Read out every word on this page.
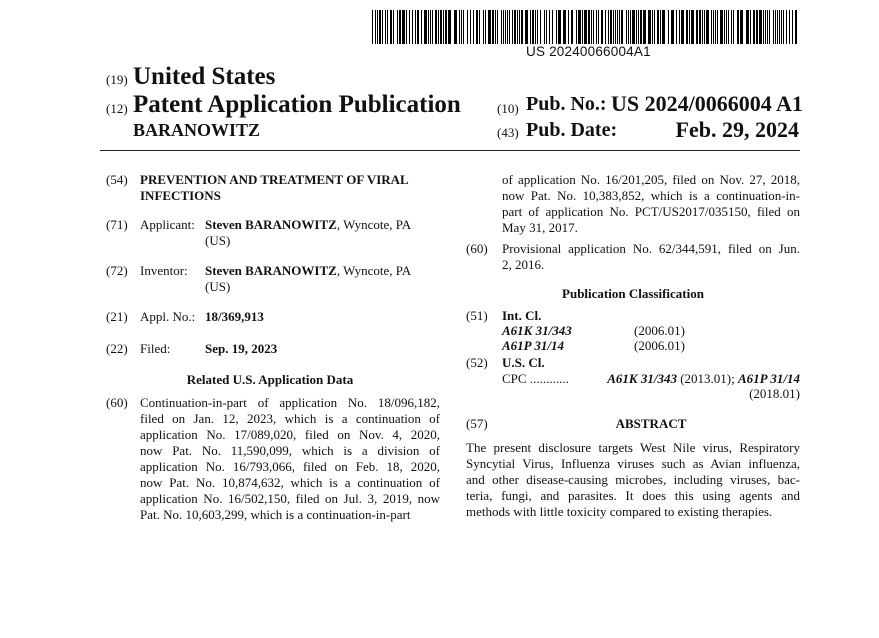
US 20240066004A1
(19) United States
(12) Patent Application Publication
BARANOWITZ
(10) Pub. No.: US 2024/0066004 A1
(43) Pub. Date:	Feb. 29, 2024
(54) PREVENTION AND TREATMENT OF VIRAL
INFECTIONS
(71) Applicant: Steven BARANOWITZ, Wyncote, PA
(US)
(72) Inventor: Steven BARANOWITZ, Wyncote, PA
(US)
(21) Appl. No.: 18/369,913
(22) Filed:	Sep. 19, 2023
Related U.S. Application Data
(60) Continuation-in-part of application No. 18/096,182,
filed on Jan. 12, 2023, which is a continuation of
application No. 17/089,020, filed on Nov. 4, 2020,
now Pat. No. 11,590,099, which is a division of
application No. 16/793,066, filed on Feb. 18, 2020,
now Pat. No. 10,874,632, which is a continuation of
application No. 16/502,150, filed on Jul. 3, 2019, now
Pat. No. 10,603,299, which is a continuation-in-part
of application No. 16/201,205, filed on Nov. 27, 2018,
now Pat. No. 10,383,852, which is a continuation-in-
part of application No. PCT/US2017/035150, filed on
May 31, 2017.
(60) Provisional application No. 62/344,591, filed on Jun.
2, 2016.
Publication Classification
(51) Int. Cl.
A61K 31/343	(2006.01)
A61P 31/14	(2006.01)
(52) U.S. Cl.
CPC ............	A61K 31/343 (2013.01); A61P 31/14
(2018.01)
(57)	ABSTRACT
The present disclosure targets West Nile virus, Respiratory
Syncytial Virus, Influenza viruses such as Avian influenza,
and other disease-causing microbes, including viruses, bac-
teria, fungi, and parasites. It does this using agents and
methods with little toxicity compared to existing therapies.
